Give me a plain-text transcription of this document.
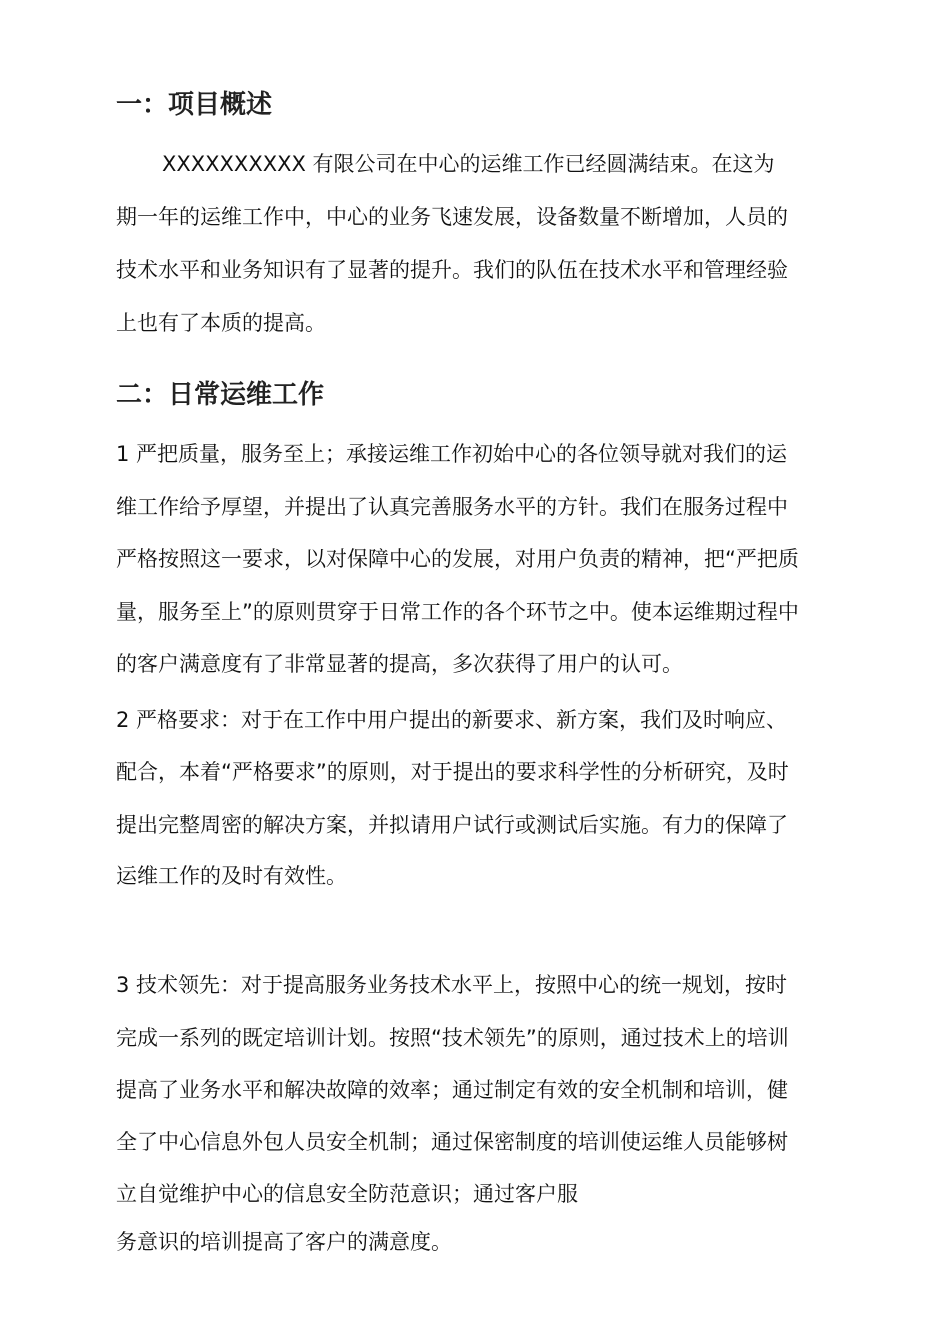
一：项目概述
XXXXXXXXXX 有限公司在中心的运维工作已经圆满结束。在这为
期一年的运维工作中，中心的业务飞速发展，设备数量不断增加，人员的
技术水平和业务知识有了显著的提升。我们的队伍在技术水平和管理经验
上也有了本质的提高。
二：日常运维工作
1 严把质量，服务至上；承接运维工作初始中心的各位领导就对我们的运
维工作给予厚望，并提出了认真完善服务水平的方针。我们在服务过程中
严格按照这一要求，以对保障中心的发展，对用户负责的精神，把“严把质
量，服务至上”的原则贯穿于日常工作的各个环节之中。使本运维期过程中
的客户满意度有了非常显著的提高，多次获得了用户的认可。
2 严格要求：对于在工作中用户提出的新要求、新方案，我们及时响应、
配合，本着“严格要求”的原则，对于提出的要求科学性的分析研究，及时
提出完整周密的解决方案，并拟请用户试行或测试后实施。有力的保障了
运维工作的及时有效性。
3 技术领先：对于提高服务业务技术水平上，按照中心的统一规划，按时
完成一系列的既定培训计划。按照“技术领先”的原则，通过技术上的培训
提高了业务水平和解决故障的效率；通过制定有效的安全机制和培训，健
全了中心信息外包人员安全机制；通过保密制度的培训使运维人员能够树
立自觉维护中心的信息安全防范意识；通过客户服
务意识的培训提高了客户的满意度。
